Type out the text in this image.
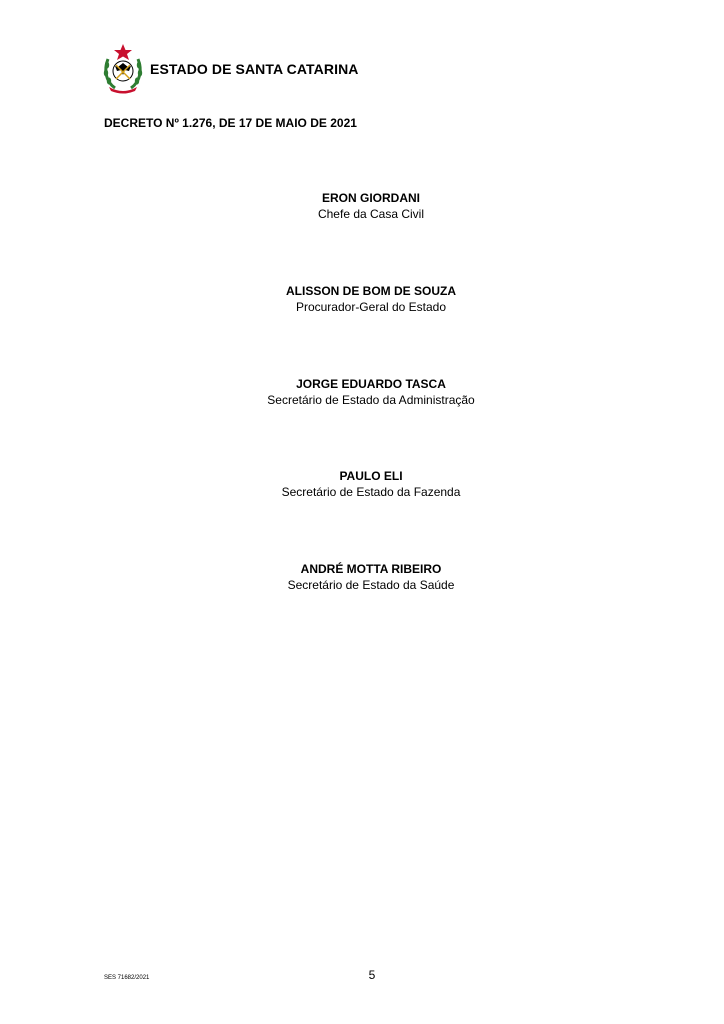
ESTADO DE SANTA CATARINA
DECRETO Nº 1.276, DE 17 DE MAIO DE 2021
ERON GIORDANI
Chefe da Casa Civil
ALISSON DE BOM DE SOUZA
Procurador-Geral do Estado
JORGE EDUARDO TASCA
Secretário de Estado da Administração
PAULO ELI
Secretário de Estado da Fazenda
ANDRÉ MOTTA RIBEIRO
Secretário de Estado da Saúde
SES 71682/2021	5
